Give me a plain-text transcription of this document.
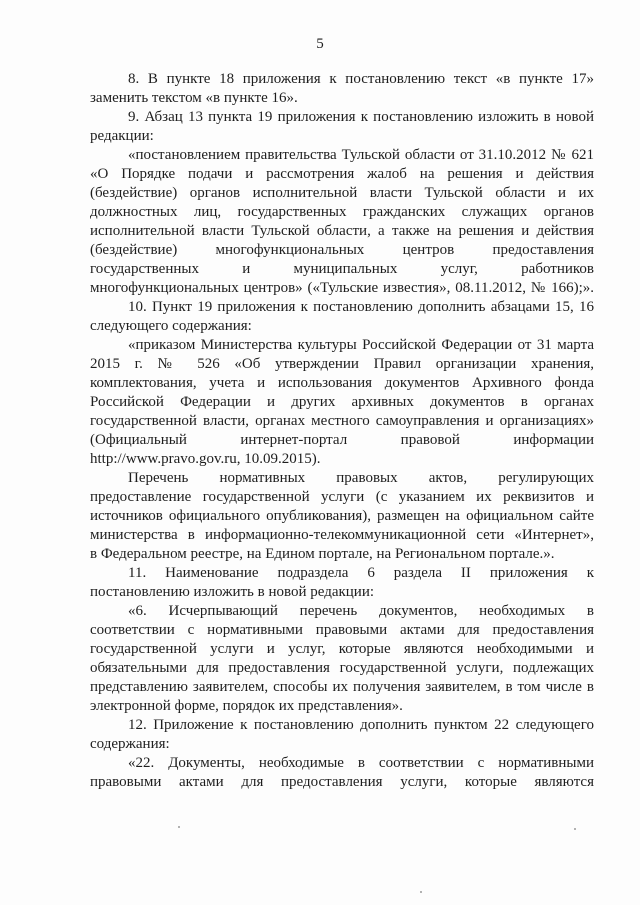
5
8. В пункте 18 приложения к постановлению текст «в пункте 17»
заменить текстом «в пункте 16».
9. Абзац 13 пункта 19 приложения к постановлению изложить в новой
редакции:
«постановлением правительства Тульской области от 31.10.2012 № 621
«О Порядке подачи и рассмотрения жалоб на решения и действия
(бездействие) органов исполнительной власти Тульской области и их
должностных лиц, государственных гражданских служащих органов
исполнительной власти Тульской области, а также на решения и действия
(бездействие) многофункциональных центров предоставления
государственных и муниципальных услуг, работников
многофункциональных центров» («Тульские известия», 08.11.2012, № 166);».
10. Пункт 19 приложения к постановлению дополнить абзацами 15, 16
следующего содержания:
«приказом Министерства культуры Российской Федерации от 31 марта
2015 г. № 526 «Об утверждении Правил организации хранения,
комплектования, учета и использования документов Архивного фонда
Российской Федерации и других архивных документов в органах
государственной власти, органах местного самоуправления и организациях»
(Официальный интернет-портал правовой информации
http://www.pravo.gov.ru, 10.09.2015).
Перечень нормативных правовых актов, регулирующих
предоставление государственной услуги (с указанием их реквизитов и
источников официального опубликования), размещен на официальном сайте
министерства в информационно-телекоммуникационной сети «Интернет»,
в Федеральном реестре, на Едином портале, на Региональном портале.».
11. Наименование подраздела 6 раздела II приложения к
постановлению изложить в новой редакции:
«6. Исчерпывающий перечень документов, необходимых в
соответствии с нормативными правовыми актами для предоставления
государственной услуги и услуг, которые являются необходимыми и
обязательными для предоставления государственной услуги, подлежащих
представлению заявителем, способы их получения заявителем, в том числе в
электронной форме, порядок их представления».
12. Приложение к постановлению дополнить пунктом 22 следующего
содержания:
«22. Документы, необходимые в соответствии с нормативными
правовыми актами для предоставления услуги, которые являются
